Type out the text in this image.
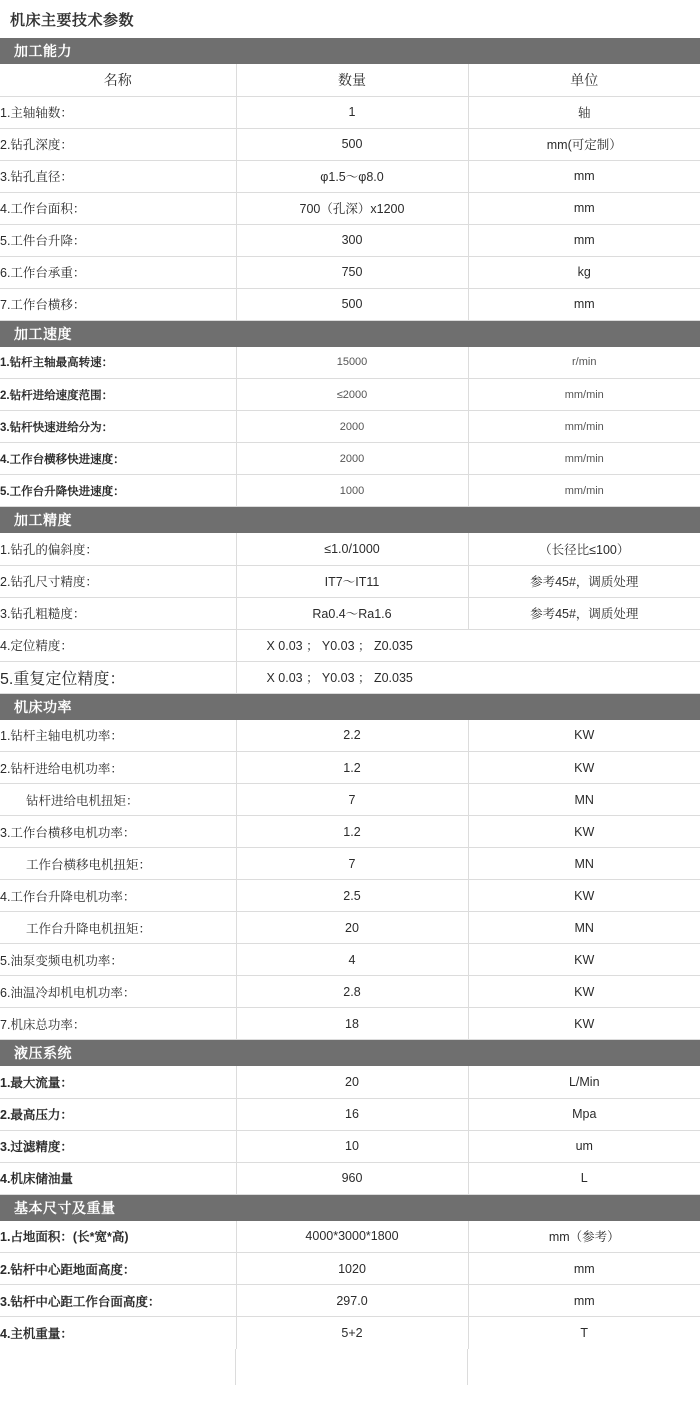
机床主要技术参数
加工能力
名称	数量	单位
1.主轴轴数：	1	轴
2.钻孔深度：	500	mm(可定制）
3.钻孔直径：	φ1.5～φ8.0	mm
4.工作台面积：	700（孔深）x1200	mm
5.工件台升降：	300	mm
6.工作台承重：	750	kg
7.工作台横移：	500	mm
加工速度
1.钻杆主轴最高转速：	15000	r/min
2.钻杆进给速度范围：	≤2000	mm/min
3.钻杆快速进给分为：	2000	mm/min
4.工作台横移快进速度：	2000	mm/min
5.工作台升降快进速度：	1000	mm/min
加工精度
1.钻孔的偏斜度：	≤1.0/1000	（长径比≤100）
2.钻孔尺寸精度：	IT7～IT11	参考45#，调质处理
3.钻孔粗糙度：	Ra0.4～Ra1.6	参考45#，调质处理
4.定位精度：	X 0.03 ； Y0.03 ； Z0.035	
5.重复定位精度：	X 0.03 ； Y0.03 ； Z0.035	
机床功率
1.钻杆主轴电机功率：	2.2	KW
2.钻杆进给电机功率：	1.2	KW
钻杆进给电机扭矩：	7	MN
3.工作台横移电机功率：	1.2	KW
工作台横移电机扭矩：	7	MN
4.工作台升降电机功率：	2.5	KW
工作台升降电机扭矩：	20	MN
5.油泵变频电机功率：	4	KW
6.油温冷却机电机功率：	2.8	KW
7.机床总功率：	18	KW
液压系统
1.最大流量：	20	L/Min
2.最高压力：	16	Mpa
3.过滤精度：	10	um
4.机床储油量	960	L
基本尺寸及重量
1.占地面积：(长*宽*高)	4000*3000*1800	mm（参考）
2.钻杆中心距地面高度：	1020	mm
3.钻杆中心距工作台面高度：	297.0	mm
4.主机重量：	5+2	T
